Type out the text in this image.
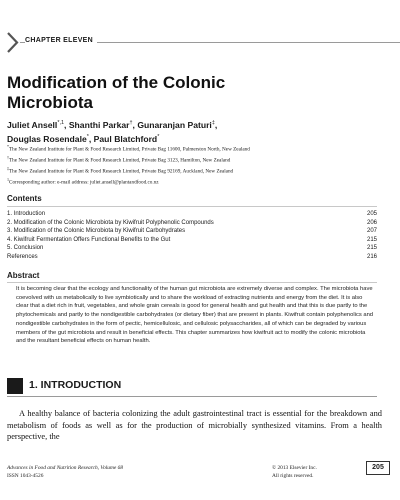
CHAPTER ELEVEN
Modification of the Colonic
Microbiota
Juliet Ansell$^{*,1}$, Shanthi Parkar†, Gunaranjan Paturi‡,
Douglas Rosendale*, Paul Blatchford*
*The New Zealand Institute for Plant & Food Research Limited, Private Bag 11600, Palmerston North, New Zealand
†The New Zealand Institute for Plant & Food Research Limited, Private Bag 3123, Hamilton, New Zealand
‡The New Zealand Institute for Plant & Food Research Limited, Private Bag 92169, Auckland, New Zealand
$^1$Corresponding author: e-mail address: juliet.ansell@plantandfood.co.nz
Contents
1. Introduction	205
2. Modification of the Colonic Microbiota by Kiwifruit Polyphenolic Compounds	206
3. Modification of the Colonic Microbiota by Kiwifruit Carbohydrates	207
4. Kiwifruit Fermentation Offers Functional Benefits to the Gut	215
5. Conclusion	215
References	216
Abstract

It is becoming clear that the ecology and functionality of the human gut microbiota are extremely diverse and complex. The microbiota have coevolved with us metabolically to live symbiotically and to share the workload of extracting nutrients and energy from the diet. It is also clear that a diet rich in fruit, vegetables, and whole grain cereals is good for general health and gut health and that this is due partly to the phytochemicals and partly to the nondigestible carbohydrates (or dietary fiber) that are present in plants. Kiwifruit contain polyphenolics and nondigestible carbohydrates in the form of pectic, hemicellulosic, and cellulosic polysaccharides, all of which can be degraded by various members of the gut microbiota and result in beneficial effects. This chapter summarizes how kiwifruit act to modify the colonic microbiota and the resultant beneficial effects on human health.

1. INTRODUCTION

A healthy balance of bacteria colonizing the adult gastrointestinal tract is essential for the breakdown and metabolism of foods as well as for the production of microbially synthesized vitamins. From a health perspective, the

Advances in Food and Nutrition Research, Volume 68
ISSN 1043-4526
© 2013 Elsevier Inc.
All rights reserved.
205
